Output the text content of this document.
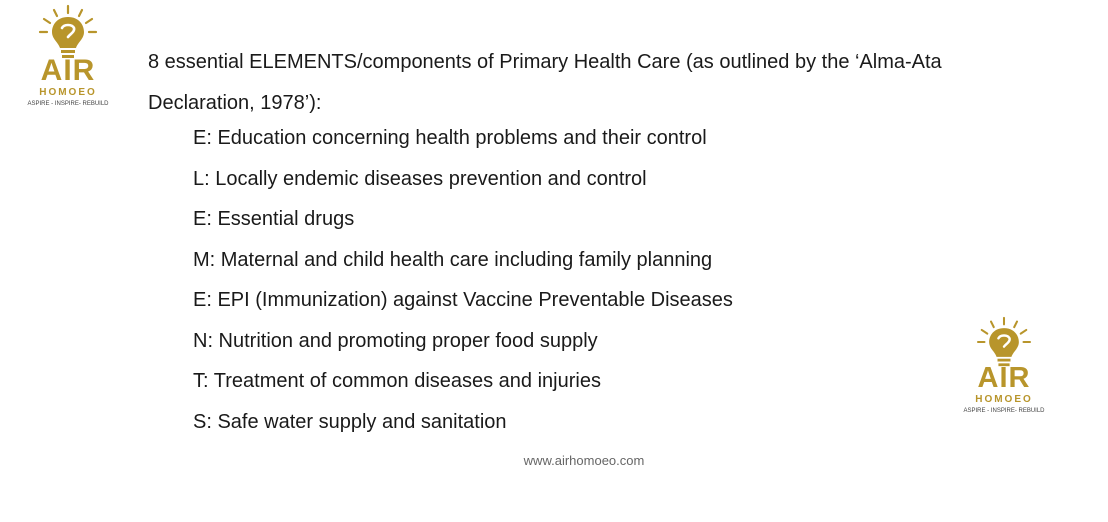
AIR
HOMOEO
ASPIRE - INSPIRE- REBUILD

8 essential ELEMENTS/components of Primary Health Care (as outlined by the ‘Alma-Ata Declaration, 1978’):

E: Education concerning health problems and their control
L: Locally endemic diseases prevention and control
E: Essential drugs
M: Maternal and child health care including family planning
E: EPI (Immunization) against Vaccine Preventable Diseases
N: Nutrition and promoting proper food supply
T: Treatment of common diseases and injuries
S: Safe water supply and sanitation
AIR
HOMOEO
ASPIRE - INSPIRE- REBUILD
www.airhomoeo.com
